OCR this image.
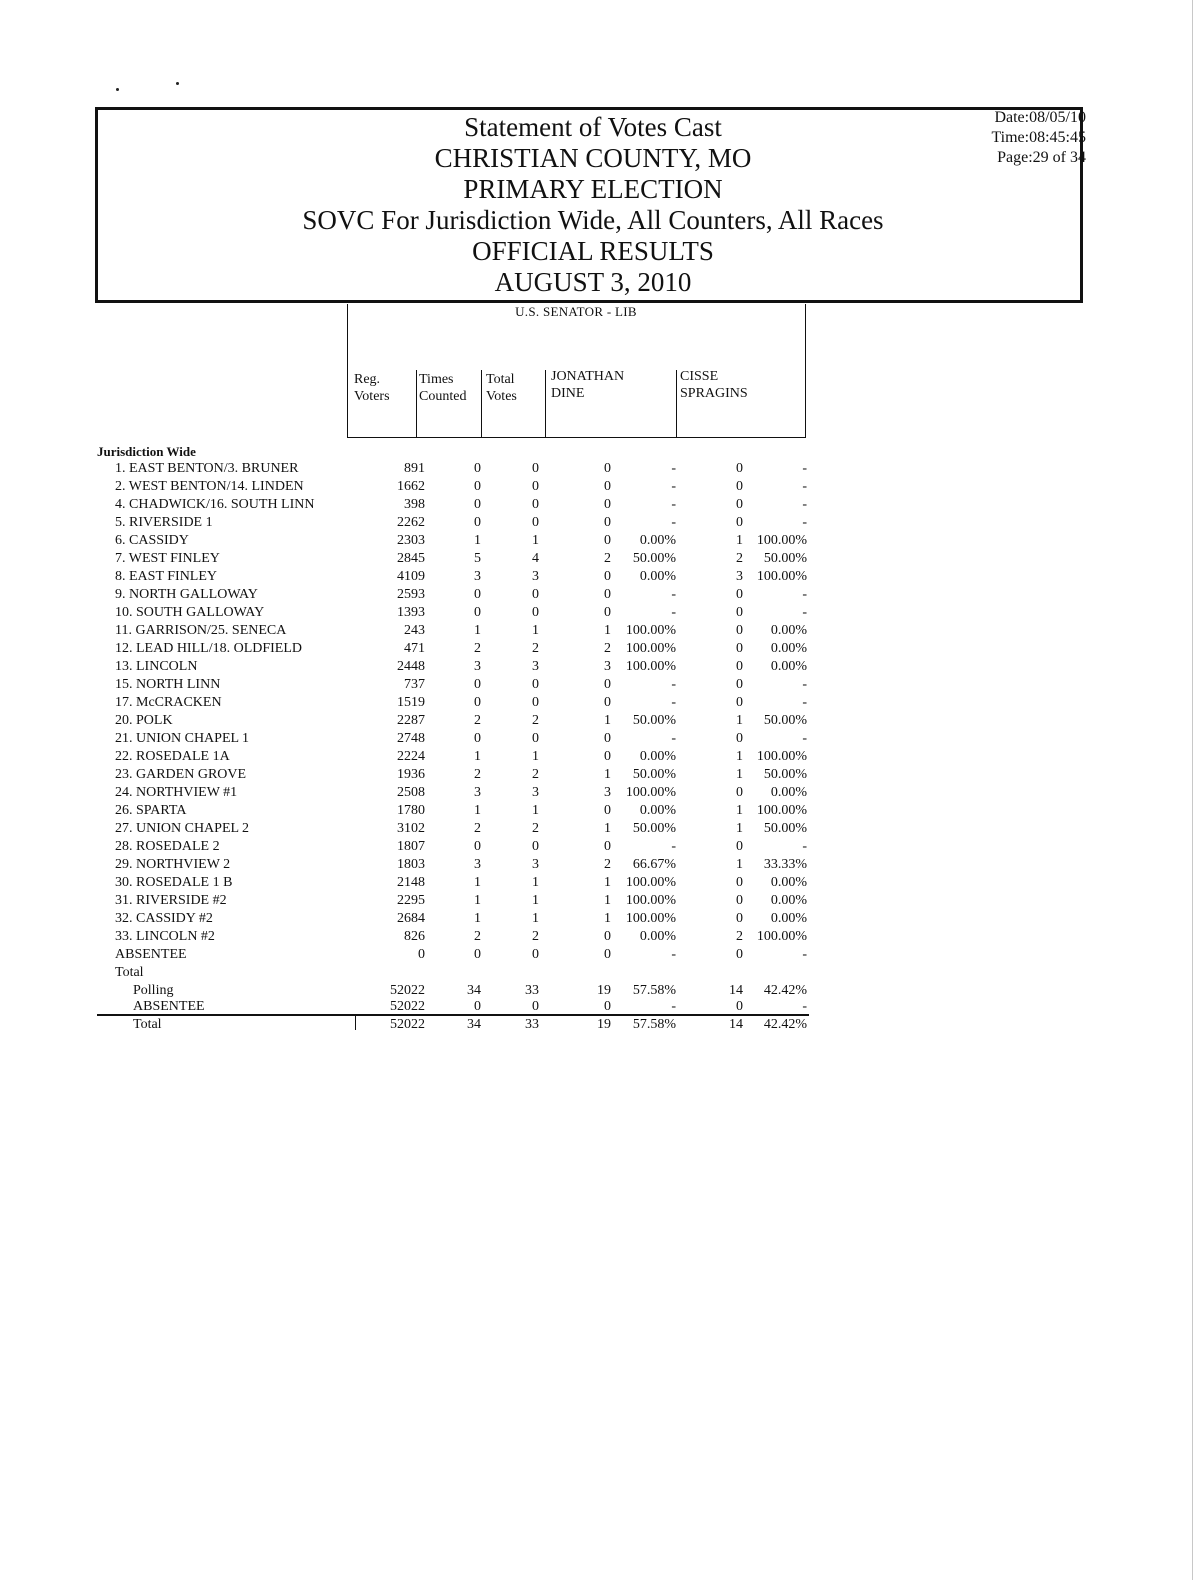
Statement of Votes Cast
CHRISTIAN COUNTY, MO
PRIMARY ELECTION
SOVC For Jurisdiction Wide, All Counters, All Races
OFFICIAL RESULTS
AUGUST 3, 2010
Date:08/05/10
Time:08:45:45
Page:29 of 34
U.S. SENATOR - LIB
Reg.
Voters
Times
Counted
Total
Votes
JONATHAN
DINE
CISSE
SPRAGINS
Jurisdiction Wide
1. EAST BENTON/3. BRUNER	891	0	0	0	-	0	-
2. WEST BENTON/14. LINDEN	1662	0	0	0	-	0	-
4. CHADWICK/16. SOUTH LINN	398	0	0	0	-	0	-
5. RIVERSIDE 1	2262	0	0	0	-	0	-
6. CASSIDY	2303	1	1	0 0.00%	1 100.00%
7. WEST FINLEY	2845	5	4	2 50.00%	2 50.00%
8. EAST FINLEY	4109	3	3	0 0.00%	3 100.00%
9. NORTH GALLOWAY	2593	0	0	0	-	0	-
10. SOUTH GALLOWAY	1393	0	0	0	-	0	-
11. GARRISON/25. SENECA	243	1	1	1 100.00%	0 0.00%
12. LEAD HILL/18. OLDFIELD	471	2	2	2 100.00%	0 0.00%
13. LINCOLN	2448	3	3	3 100.00%	0 0.00%
15. NORTH LINN	737	0	0	0	-	0	-
17. McCRACKEN	1519	0	0	0	-	0	-
20. POLK	2287	2	2	1 50.00%	1 50.00%
21. UNION CHAPEL 1	2748	0	0	0	-	0	-
22. ROSEDALE 1A	2224	1	1	0 0.00%	1 100.00%
23. GARDEN GROVE	1936	2	2	1 50.00%	1 50.00%
24. NORTHVIEW #1	2508	3	3	3 100.00%	0 0.00%
26. SPARTA	1780	1	1	0 0.00%	1 100.00%
27. UNION CHAPEL 2	3102	2	2	1 50.00%	1 50.00%
28. ROSEDALE 2	1807	0	0	0	-	0	-
29. NORTHVIEW 2	1803	3	3	2 66.67%	1 33.33%
30. ROSEDALE 1 B	2148	1	1	1 100.00%	0 0.00%
31. RIVERSIDE #2	2295	1	1	1 100.00%	0 0.00%
32. CASSIDY #2	2684	1	1	1 100.00%	0 0.00%
33. LINCOLN #2	826	2	2	0 0.00%	2 100.00%
ABSENTEE	0	0	0	0	-	0	-
Total
Polling	52022	34	33	19 57.58%	14 42.42%
ABSENTEE	52022	0	0	0	-	0	-
Total	52022	34	33	19 57.58%	14 42.42%
